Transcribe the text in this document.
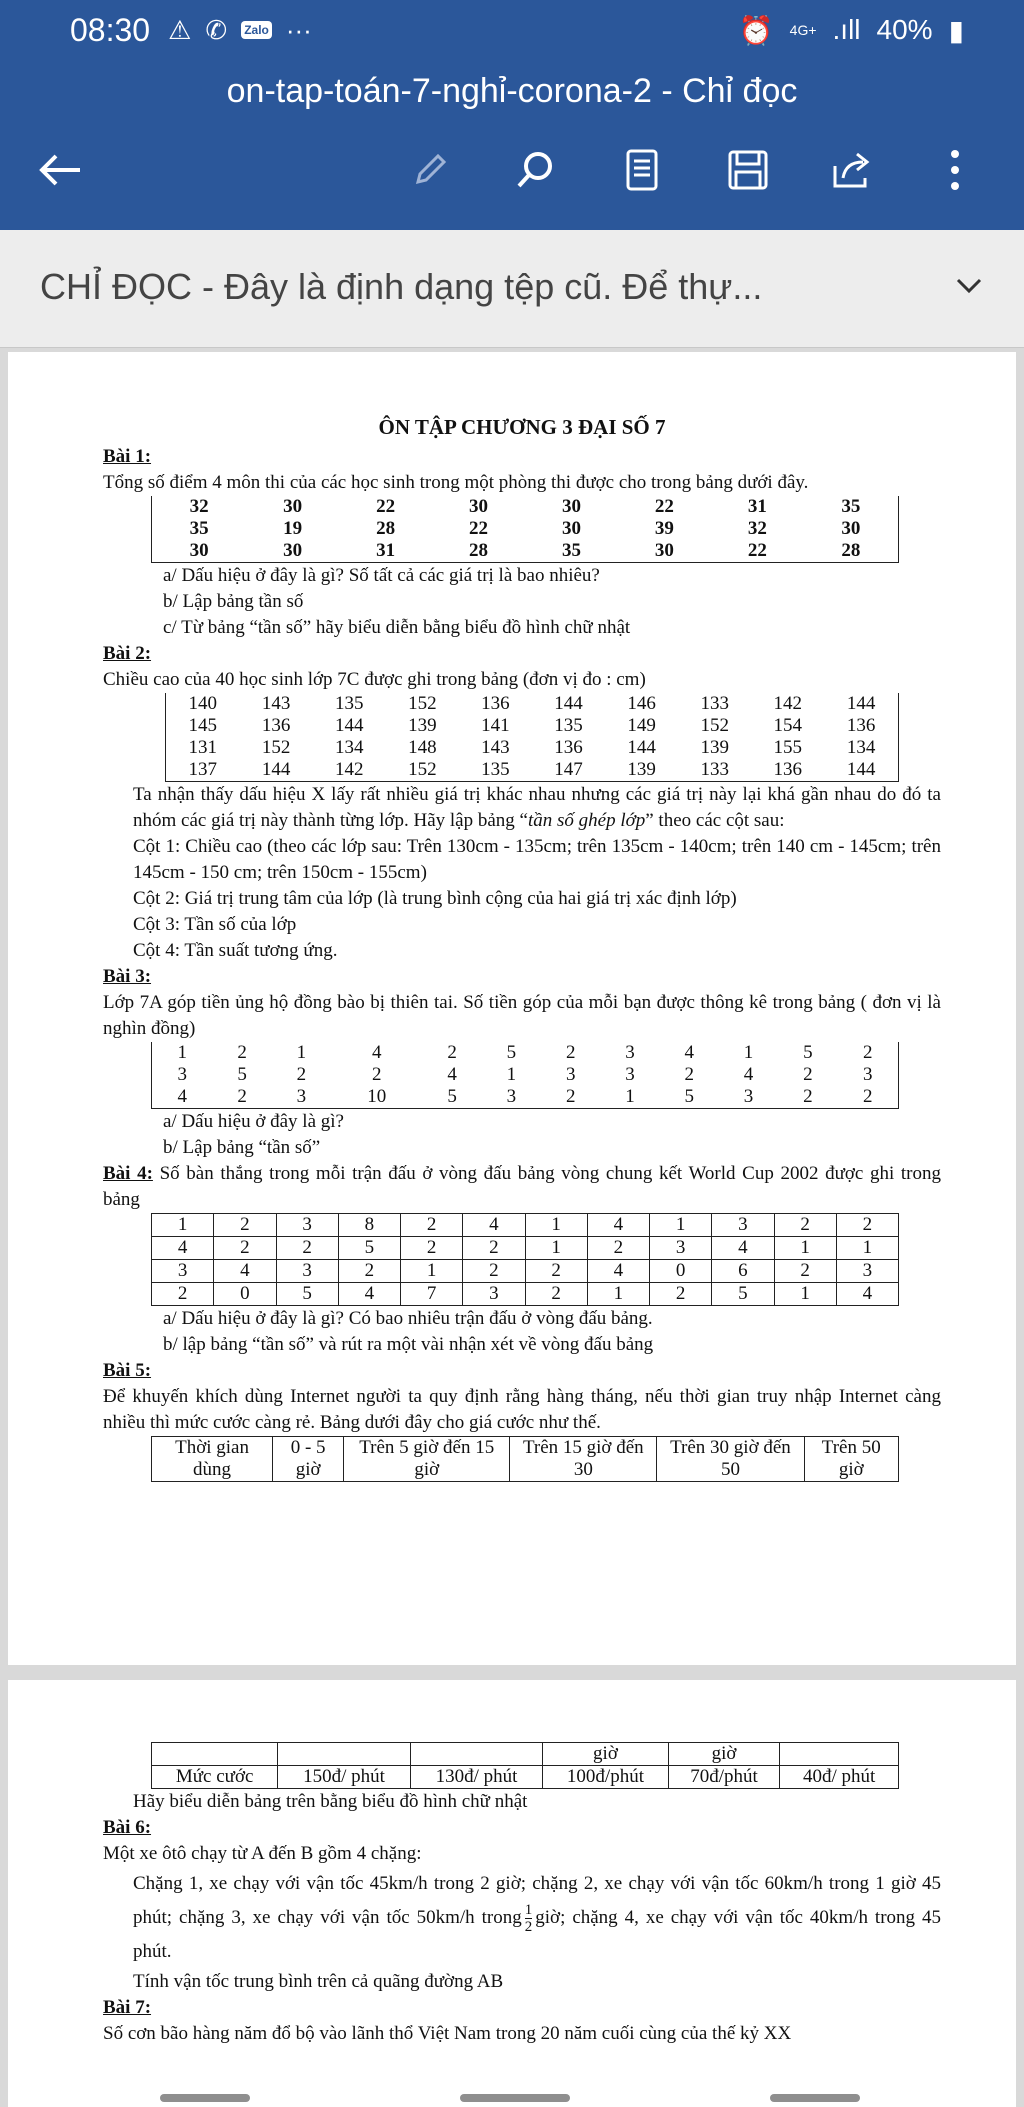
08:30 ⚠ ✆ Zalo ···	⏰ 4G+ .ıll 40% ▮
on-tap-toán-7-nghỉ-corona-2 - Chỉ đọc
CHỈ ĐỌC - Đây là định dạng tệp cũ. Để thự...
ÔN TẬP CHƯƠNG 3 ĐẠI SỐ 7
Bài 1:
Tổng số điểm 4 môn thi của các học sinh trong một phòng thi được cho trong bảng dưới đây.
32	30	22	30	30	22	31	35
35	19	28	22	30	39	32	30
30	30	31	28	35	30	22	28
a/ Dấu hiệu ở đây là gì? Số tất cả các giá trị là bao nhiêu?
b/ Lập bảng tần số
c/ Từ bảng “tần số” hãy biểu diễn bằng biểu đồ hình chữ nhật
Bài 2:
Chiều cao của 40 học sinh lớp 7C được ghi trong bảng (đơn vị đo : cm)
140	143	135	152	136	144	146	133	142	144
145	136	144	139	141	135	149	152	154	136
131	152	134	148	143	136	144	139	155	134
137	144	142	152	135	147	139	133	136	144
Ta nhận thấy dấu hiệu X lấy rất nhiều giá trị khác nhau nhưng các giá trị này lại khá gần nhau do đó ta nhóm các giá trị này thành từng lớp. Hãy lập bảng “tần số ghép lớp” theo các cột sau:
Cột 1: Chiều cao (theo các lớp sau: Trên 130cm - 135cm; trên 135cm - 140cm; trên 140 cm - 145cm; trên 145cm - 150 cm; trên 150cm - 155cm)
Cột 2: Giá trị trung tâm của lớp (là trung bình cộng của hai giá trị xác định lớp)
Cột 3: Tần số của lớp
Cột 4: Tần suất tương ứng.
Bài 3:
Lớp 7A góp tiền ủng hộ đồng bào bị thiên tai. Số tiền góp của mỗi bạn được thông kê trong bảng ( đơn vị là nghìn đồng)
1	2	1	4	2	5	2	3	4	1	5	2
3	5	2	2	4	1	3	3	2	4	2	3
4	2	3	10	5	3	2	1	5	3	2	2
a/ Dấu hiệu ở đây là gì?
b/ Lập bảng “tần số”
Bài 4: Số bàn thắng trong mỗi trận đấu ở vòng đấu bảng vòng chung kết World Cup 2002 được ghi trong bảng
1	2	3	8	2	4	1	4	1	3	2	2
4	2	2	5	2	2	1	2	3	4	1	1
3	4	3	2	1	2	2	4	0	6	2	3
2	0	5	4	7	3	2	1	2	5	1	4
a/ Dấu hiệu ở đây là gì? Có bao nhiêu trận đấu ở vòng đấu bảng.
b/ lập bảng “tần số” và rút ra một vài nhận xét về vòng đấu bảng
Bài 5:
Để khuyến khích dùng Internet người ta quy định rằng hàng tháng, nếu thời gian truy nhập Internet càng nhiều thì mức cước càng rẻ. Bảng dưới đây cho giá cước như thế.
Thời gian dùng	0 - 5 giờ	Trên 5 giờ đến 15 giờ	Trên 15 giờ đến 30	Trên 30 giờ đến 50	Trên 50 giờ
			giờ	giờ	
Mức cước	150đ/ phút	130đ/ phút	100đ/phút	70đ/phút	40đ/ phút
Hãy biểu diễn bảng trên bằng biểu đồ hình chữ nhật
Bài 6:
Một xe ôtô chạy từ A đến B gồm 4 chặng:
Chặng 1, xe chạy với vận tốc 45km/h trong 2 giờ; chặng 2, xe chạy với vận tốc 60km/h trong 1 giờ 45 phút; chặng 3, xe chạy với vận tốc 50km/h trong $\frac{1}{2}$ giờ; chặng 4, xe chạy với vận tốc 40km/h trong 45 phút.
Tính vận tốc trung bình trên cả quãng đường AB
Bài 7:
Số cơn bão hàng năm đổ bộ vào lãnh thổ Việt Nam trong 20 năm cuối cùng của thế kỷ XX
